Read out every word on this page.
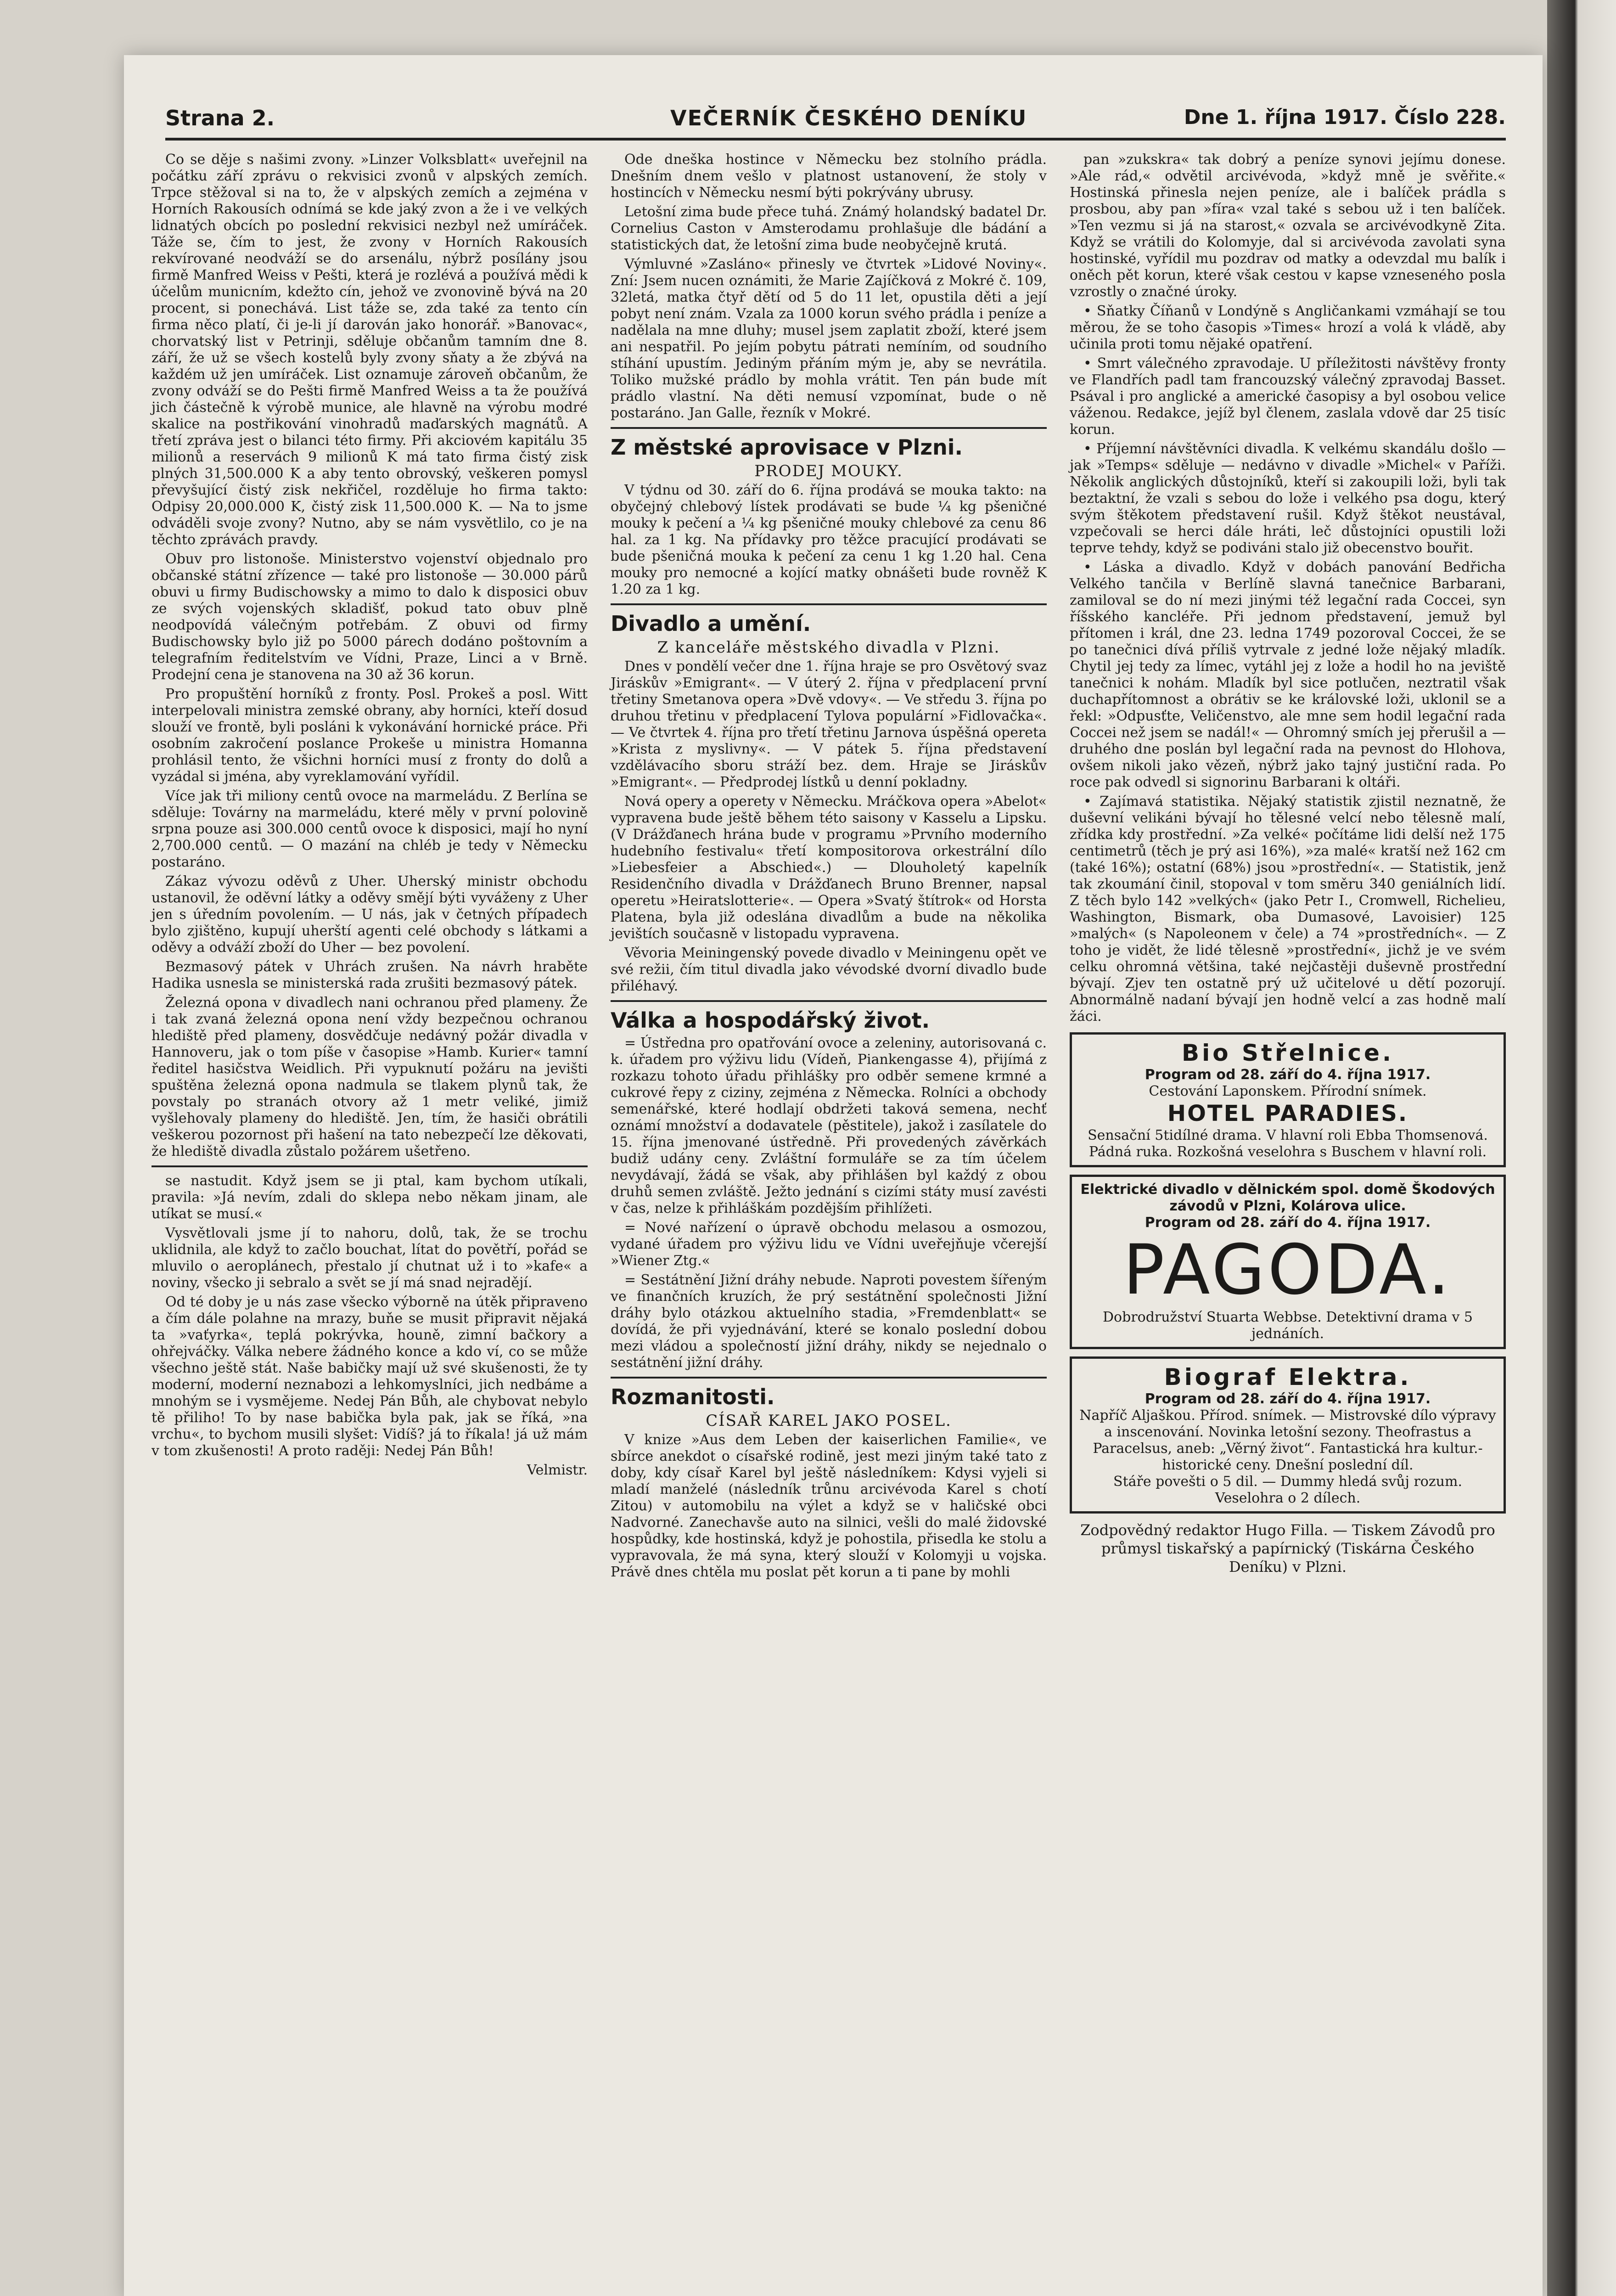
Strana 2.	VEČERNÍK ČESKÉHO DENÍKU	Dne 1. října 1917. Číslo 228.

Co se děje s našimi zvony. »Linzer Volksblatt« uveřejnil na počátku září zprávu o rekvisici zvonů v alpských zemích. Trpce stěžoval si na to, že v alpských zemích a zejména v Horních Rakousích odnímá se kde jaký zvon a že i ve velkých lidnatých obcích po poslední rekvisici nezbyl než umíráček. Táže se, čím to jest, že zvony v Horních Rakousích rekvírované neodváží se do arsenálu, nýbrž posílány jsou firmě Manfred Weiss v Pešti, která je rozlévá a používá mědi k účelům municním, kdežto cín, jehož ve zvonovině bývá na 20 procent, si ponechává. List táže se, zda také za tento cín firma něco platí, či je-li jí darován jako honorář. »Banovac«, chorvatský list v Petrinji, sděluje občanům tamním dne 8. září, že už se všech kostelů byly zvony sňaty a že zbývá na každém už jen umíráček. List oznamuje zároveň občanům, že zvony odváží se do Pešti firmě Manfred Weiss a ta že používá jich částečně k výrobě munice, ale hlavně na výrobu modré skalice na postřikování vinohradů maďarských magnátů. A třetí zpráva jest o bilanci této firmy. Při akciovém kapitálu 35 milionů a reservách 9 milionů K má tato firma čistý zisk plných 31,500.000 K a aby tento obrovský, veškeren pomysl převyšující čistý zisk nekřičel, rozděluje ho firma takto: Odpisy 20,000.000 K, čistý zisk 11,500.000 K. — Na to jsme odváděli svoje zvony? Nutno, aby se nám vysvětlilo, co je na těchto zprávách pravdy.

Obuv pro listonoše. Ministerstvo vojenství objednalo pro občanské státní zřízence — také pro listonoše — 30.000 párů obuvi u firmy Budischowsky a mimo to dalo k disposici obuv ze svých vojenských skladišť, pokud tato obuv plně neodpovídá válečným potřebám. Z obuvi od firmy Budischowsky bylo již po 5000 párech dodáno poštovním a telegrafním ředitelstvím ve Vídni, Praze, Linci a v Brně. Prodejní cena je stanovena na 30 až 36 korun.

Pro propuštění horníků z fronty. Posl. Prokeš a posl. Witt interpelovali ministra zemské obrany, aby horníci, kteří dosud slouží ve frontě, byli posláni k vykonávání hornické práce. Při osobním zakročení poslance Prokeše u ministra Homanna prohlásil tento, že všichni horníci musí z fronty do dolů a vyzádal si jména, aby vyreklamování vyřídil.

Více jak tři miliony centů ovoce na marmeládu. Z Berlína se sděluje: Továrny na marmeládu, které měly v první polovině srpna pouze asi 300.000 centů ovoce k disposici, mají ho nyní 2,700.000 centů. — O mazání na chléb je tedy v Německu postaráno.

Zákaz vývozu oděvů z Uher. Uherský ministr obchodu ustanovil, že oděvní látky a oděvy smějí býti vyváženy z Uher jen s úředním povolením. — U nás, jak v četných případech bylo zjištěno, kupují uherští agenti celé obchody s látkami a oděvy a odváží zboží do Uher — bez povolení.

Bezmasový pátek v Uhrách zrušen. Na návrh hraběte Hadika usnesla se ministerská rada zrušiti bezmasový pátek.

Železná opona v divadlech nani ochranou před plameny. Že i tak zvaná železná opona není vždy bezpečnou ochranou hlediště před plameny, dosvědčuje nedávný požár divadla v Hannoveru, jak o tom píše v časopise »Hamb. Kurier« tamní ředitel hasičstva Weidlich. Při vypuknutí požáru na jevišti spuštěna železná opona nadmula se tlakem plynů tak, že povstaly po stranách otvory až 1 metr veliké, jimiž vyšlehovaly plameny do hlediště. Jen, tím, že hasiči obrátili veškerou pozornost při hašení na tato nebezpečí lze děkovati, že hlediště divadla zůstalo požárem ušetřeno.

se nastudit. Když jsem se ji ptal, kam bychom utíkali, pravila: »Já nevím, zdali do sklepa nebo někam jinam, ale utíkat se musí.«

Vysvětlovali jsme jí to nahoru, dolů, tak, že se trochu uklidnila, ale když to začlo bouchat, lítat do povětří, pořád se mluvilo o aeroplánech, přestalo jí chutnat už i to »kafe« a noviny, všecko ji sebralo a svět se jí má snad nejradějí.

Od té doby je u nás zase všecko výborně na útěk připraveno a čím dále polahne na mrazy, buňe se musit připravit nějaká ta »vaťyrka«, teplá pokrývka, houně, zimní bačkory a ohřejváčky. Válka nebere žádného konce a kdo ví, co se může všechno ještě stát. Naše babičky mají už své skušenosti, že ty moderní, moderní neznabozi a lehkomyslníci, jich nedbáme a mnohým se i vysmějeme. Nedej Pán Bůh, ale chybovat nebylo tě přiliho! To by nase babička byla pak, jak se říká, »na vrchu«, to bychom musili slyšet: Vidíš? já to říkala! já už mám v tom zkušenosti! A proto raději: Nedej Pán Bůh!

Velmistr.

Ode dneška hostince v Německu bez stolního prádla. Dnešním dnem vešlo v platnost ustanovení, že stoly v hostincích v Německu nesmí býti pokrývány ubrusy.

Letošní zima bude přece tuhá. Známý holandský badatel Dr. Cornelius Caston v Amsterodamu prohlašuje dle bádání a statistických dat, že letošní zima bude neobyčejně krutá.

Výmluvné »Zasláno« přinesly ve čtvrtek »Lidové Noviny«. Zní: Jsem nucen oznámiti, že Marie Zajíčková z Mokré č. 109, 32letá, matka čtyř dětí od 5 do 11 let, opustila děti a její pobyt není znám. Vzala za 1000 korun svého prádla i peníze a nadělala na mne dluhy; musel jsem zaplatit zboží, které jsem ani nespatřil. Po jejím pobytu pátrati nemíním, od soudního stíhání upustím. Jediným přáním mým je, aby se nevrátila. Toliko mužské prádlo by mohla vrátit. Ten pán bude mít prádlo vlastní. Na děti nemusí vzpomínat, bude o ně postaráno. Jan Galle, řezník v Mokré.

Z městské aprovisace v Plzni.
PRODEJ MOUKY.

V týdnu od 30. září do 6. října prodává se mouka takto: na obyčejný chlebový lístek prodávati se bude ¼ kg pšeničné mouky k pečení a ¼ kg pšeničné mouky chlebové za cenu 86 hal. za 1 kg. Na přídavky pro těžce pracující prodávati se bude pšeničná mouka k pečení za cenu 1 kg 1.20 hal. Cena mouky pro nemocné a kojící matky obnášeti bude rovněž K 1.20 za 1 kg.

Divadlo a umění.
Z kanceláře městského divadla v Plzni.

Dnes v pondělí večer dne 1. října hraje se pro Osvětový svaz Jiráskův »Emigrant«. — V úterý 2. října v předplacení první třetiny Smetanova opera »Dvě vdovy«. — Ve středu 3. října po druhou třetinu v předplacení Tylova populární »Fidlovačka«. — Ve čtvrtek 4. října pro třetí třetinu Jarnova úspěšná opereta »Krista z myslivny«. — V pátek 5. října představení vzdělávacího sboru stráží bez. dem. Hraje se Jiráskův »Emigrant«. — Předprodej lístků u denní pokladny.

Nová opery a operety v Německu. Mráčkova opera »Abelot« vypravena bude ještě během této saisony v Kasselu a Lipsku. (V Drážďanech hrána bude v programu »Prvního moderního hudebního festivalu« třetí kompositorova orkestrální dílo »Liebesfeier a Abschied«.) — Dlouholetý kapelník Residenčního divadla v Drážďanech Bruno Brenner, napsal operetu »Heiratslotterie«. — Opera »Svatý štítrok« od Horsta Platena, byla již odeslána divadlům a bude na několika jevištích současně v listopadu vypravena.

Věvoria Meiningenský povede divadlo v Meiningenu opět ve své režii, čím titul divadla jako vévodské dvorní divadlo bude přiléhavý.

Válka a hospodářský život.

= Ústředna pro opatřování ovoce a zeleniny, autorisovaná c. k. úřadem pro výživu lidu (Vídeň, Piankengasse 4), přijímá z rozkazu tohoto úřadu přihlášky pro odběr semene krmné a cukrové řepy z ciziny, zejména z Německa. Rolníci a obchody semenářské, které hodlají obdržeti taková semena, nechť oznámí množství a dodavatele (pěstitele), jakož i zasílatele do 15. října jmenované ústředně. Při provedených závěrkách budiž udány ceny. Zvláštní formuláře se za tím účelem nevydávají, žádá se však, aby přihlášen byl každý z obou druhů semen zvláště. Ježto jednání s cizími státy musí zavésti v čas, nelze k přihláškám pozdějším přihlížeti.

= Nové nařízení o úpravě obchodu melasou a osmozou, vydané úřadem pro výživu lidu ve Vídni uveřejňuje včerejší »Wiener Ztg.«

= Sestátnění Jižní dráhy nebude. Naproti povestem šířeným ve finančních kruzích, že prý sestátnění společnosti Jižní dráhy bylo otázkou aktuelního stadia, »Fremdenblatt« se dovídá, že při vyjednávání, které se konalo poslední dobou mezi vládou a společností jižní dráhy, nikdy se nejednalo o sestátnění jižní dráhy.

Rozmanitosti.
CÍSAŘ KAREL JAKO POSEL.

V knize »Aus dem Leben der kaiserlichen Familie«, ve sbírce anekdot o císařské rodině, jest mezi jiným také tato z doby, kdy císař Karel byl ještě následníkem: Kdysi vyjeli si mladí manželé (následník trůnu arcivévoda Karel s chotí Zitou) v automobilu na výlet a když se v haličské obci Nadvorné. Zanechavše auto na silnici, vešli do malé židovské hospůdky, kde hostinská, když je pohostila, přisedla ke stolu a vypravovala, že má syna, který slouží v Kolomyji u vojska. Právě dnes chtěla mu poslat pět korun a ti pane by mohli

pan »zukskra« tak dobrý a peníze synovi jejímu donese. »Ale rád,« odvětil arcivévoda, »když mně je svěřite.« Hostinská přinesla nejen peníze, ale i balíček prádla s prosbou, aby pan »fíra« vzal také s sebou už i ten balíček. »Ten vezmu si já na starost,« ozvala se arcivévodkyně Zita. Když se vrátili do Kolomyje, dal si arcivévoda zavolati syna hostinské, vyřídil mu pozdrav od matky a odevzdal mu balík i oněch pět korun, které však cestou v kapse vzneseného posla vzrostly o značné úroky.

• Sňatky Číňanů v Londýně s Angličankami vzmáhají se tou měrou, že se toho časopis »Times« hrozí a volá k vládě, aby učinila proti tomu nějaké opatření.

• Smrt válečného zpravodaje. U příležitosti návštěvy fronty ve Flandřích padl tam francouzský válečný zpravodaj Basset. Psával i pro anglické a americké časopisy a byl osobou velice váženou. Redakce, jejíž byl členem, zaslala vdově dar 25 tisíc korun.

• Příjemní návštěvníci divadla. K velkému skandálu došlo — jak »Temps« sděluje — nedávno v divadle »Michel« v Paříži. Několik anglických důstojníků, kteří si zakoupili loži, byli tak beztaktní, že vzali s sebou do lože i velkého psa dogu, který svým štěkotem představení rušil. Když štěkot neustával, vzpečovali se herci dále hráti, leč důstojníci opustili loži teprve tehdy, když se podiváni stalo již obecenstvo bouřit.

• Láska a divadlo. Když v dobách panování Bedřicha Velkého tančila v Berlíně slavná tanečnice Barbarani, zamiloval se do ní mezi jinými též legační rada Coccei, syn říšského kancléře. Při jednom představení, jemuž byl přítomen i král, dne 23. ledna 1749 pozoroval Coccei, že se po tanečnici dívá příliš vytrvale z jedné lože nějaký mladík. Chytil jej tedy za límec, vytáhl jej z lože a hodil ho na jeviště tanečnici k nohám. Mladík byl sice potlučen, neztratil však duchapřítomnost a obrátiv se ke královské loži, uklonil se a řekl: »Odpusťte, Veličenstvo, ale mne sem hodil legační rada Coccei než jsem se nadál!« — Ohromný smích jej přerušil a — druhého dne poslán byl legační rada na pevnost do Hlohova, ovšem nikoli jako vězeň, nýbrž jako tajný justiční rada. Po roce pak odvedl si signorinu Barbarani k oltáři.

• Zajímavá statistika. Nějaký statistik zjistil neznatně, že duševní velikáni bývají ho tělesné velcí nebo tělesně malí, zřídka kdy prostřední. »Za velké« počítáme lidi delší než 175 centimetrů (těch je prý asi 16%), »za malé« kratší než 162 cm (také 16%); ostatní (68%) jsou »prostřední«. — Statistik, jenž tak zkoumání činil, stopoval v tom směru 340 geniálních lidí. Z těch bylo 142 »velkých« (jako Petr I., Cromwell, Richelieu, Washington, Bismark, oba Dumasové, Lavoisier) 125 »malých« (s Napoleonem v čele) a 74 »prostředních«. — Z toho je vidět, že lidé tělesně »prostřední«, jichž je ve svém celku ohromná většina, také nejčastěji duševně prostřední bývají. Zjev ten ostatně prý už učitelové u dětí pozorují. Abnormálně nadaní bývají jen hodně velcí a zas hodně malí žáci.

Bio Střelnice.
Program od 28. září do 4. října 1917.
Cestování Laponskem. Přírodní snímek.
HOTEL PARADIES.
Sensační 5tidílné drama. V hlavní roli Ebba Thomsenová.
Pádná ruka. Rozkošná veselohra s Buschem v hlavní roli.
Elektrické divadlo v dělnickém spol. domě Škodových závodů v Plzni, Kolárova ulice.
Program od 28. září do 4. října 1917.
PAGODA.
Dobrodružství Stuarta Webbse. Detektivní drama v 5 jednáních.
Biograf Elektra.
Program od 28. září do 4. října 1917.
Napříč Aljaškou. Přírod. snímek. — Mistrovské dílo výpravy a inscenování. Novinka letošní sezony. Theofrastus a Paracelsus, aneb: „Věrný život“. Fantastická hra kultur.-historické ceny. Dnešní poslední díl.
Stáře povešti o 5 dil. — Dummy hledá svůj rozum. Veselohra o 2 dílech.
Zodpovědný redaktor Hugo Filla. — Tiskem Závodů pro průmysl tiskařský a papírnický (Tiskárna Českého Deníku) v Plzni.
